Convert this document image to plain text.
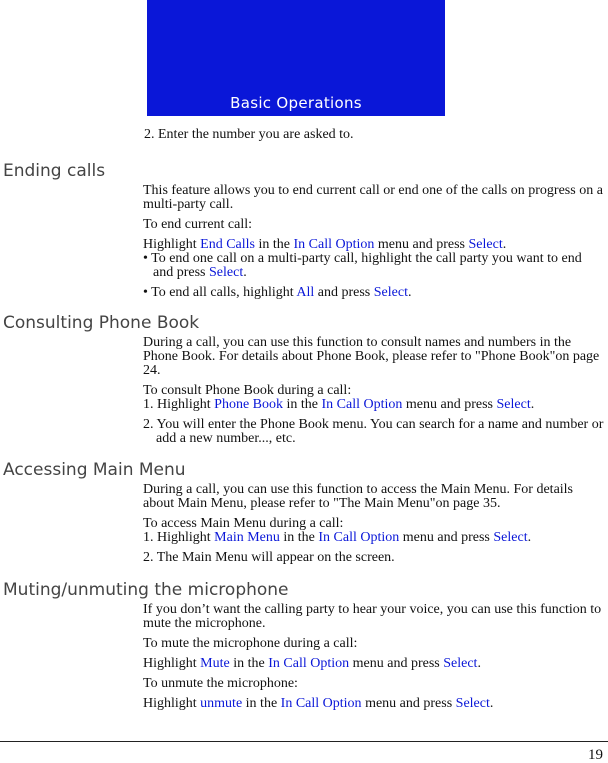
Basic Operations
2. Enter the number you are asked to.
Ending calls

This feature allows you to end current call or end one of the calls on progress on a multi-party call.

To end current call:

Highlight End Calls in the In Call Option menu and press Select.

• To end one call on a multi-party call, highlight the call party you want to end and press Select.

• To end all calls, highlight All and press Select.

Consulting Phone Book

During a call, you can use this function to consult names and numbers in the Phone Book. For details about Phone Book, please refer to "Phone Book"on page 24.

To consult Phone Book during a call:

1. Highlight Phone Book in the In Call Option menu and press Select.

2. You will enter the Phone Book menu. You can search for a name and number or add a new number..., etc.

Accessing Main Menu

During a call, you can use this function to access the Main Menu. For details about Main Menu, please refer to "The Main Menu"on page 35.

To access Main Menu during a call:

1. Highlight Main Menu in the In Call Option menu and press Select.

2. The Main Menu will appear on the screen.

Muting/unmuting the microphone

If you don’t want the calling party to hear your voice, you can use this function to mute the microphone.

To mute the microphone during a call:

Highlight Mute in the In Call Option menu and press Select.

To unmute the microphone:

Highlight unmute in the In Call Option menu and press Select.

19
